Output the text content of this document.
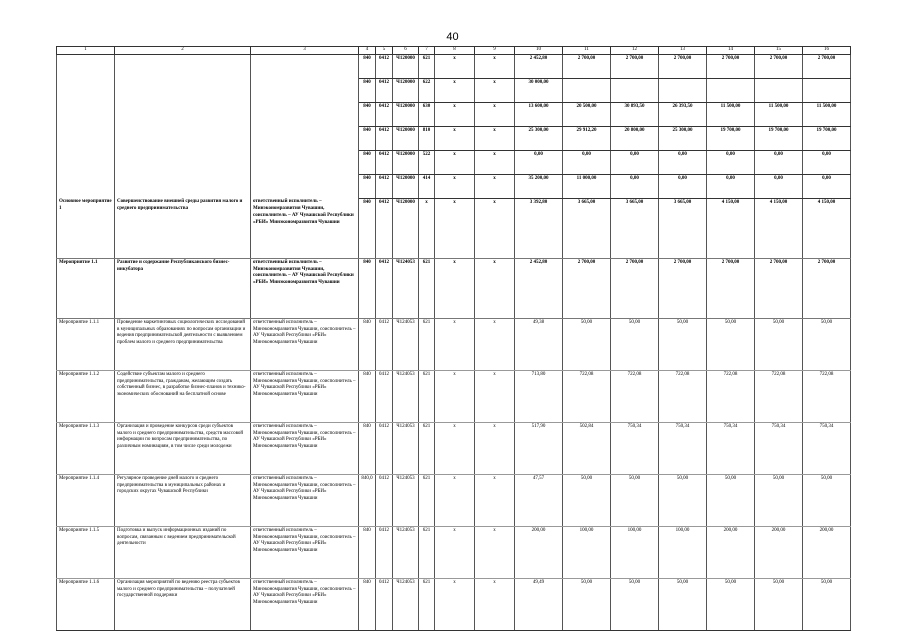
40
1	2	3	4	5	6	7	8	9	10	11	12	13	14	15	16
			840	0412	Ч120000	621	x	x	2 452,80	2 700,00	2 700,00	2 700,00	2 700,00	2 700,00	2 700,00
			840	0412	Ч120000	622	x	x	30 000,00						
			840	0412	Ч120000	630	x	x	13 600,00	20 500,00	30 893,50	26 393,50	11 500,00	11 500,00	11 500,00
			840	0412	Ч120000	810	x	x	25 300,00	29 912,20	20 800,00	25 300,00	19 700,00	19 700,00	19 700,00
			840	0412	Ч120000	522	x	x	0,00	0,00	0,00	0,00	0,00	0,00	0,00
			840	0412	Ч120000	414	x	x	35 200,00	11 000,00	0,00	0,00	0,00	0,00	0,00
Основное мероприятие 1	Совершенствование внешней среды развития малого и среднего предпринимательства	ответственный исполнитель – Минэкономразвития Чувашии, соисполнитель – АУ Чувашской Республики «РБИ» Минэкономразвития Чувашии	840	0412	Ч120000	x	x	x	3 392,80	3 665,00	3 665,00	3 665,00	4 150,00	4 150,00	4 150,00
Мероприятие 1.1	Развитие и содержание Республиканского бизнес-инкубатора	ответственный исполнитель – Минэкономразвития Чувашии, соисполнитель – АУ Чувашской Республики «РБИ» Минэкономразвития Чувашии	840	0412	Ч124053	621	x	x	2 452,80	2 700,00	2 700,00	2 700,00	2 700,00	2 700,00	2 700,00
Мероприятие 1.1.1	Проведение маркетинговых социологических исследований в муниципальных образованиях по вопросам организации и ведения предпринимательской деятельности с выявлением проблем малого и среднего предпринимательства	ответственный исполнитель – Минэкономразвития Чувашии, соисполнитель – АУ Чувашской Республики «РБИ» Минэкономразвития Чувашии	840	0412	Ч124053	621	x	x	49,38	50,00	50,00	50,00	50,00	50,00	50,00
Мероприятие 1.1.2	Содействие субъектам малого и среднего предпринимательства, гражданам, желающим создать собственный бизнес, в разработке бизнес-планов и технико-экономических обоснований на бесплатной основе	ответственный исполнитель – Минэкономразвития Чувашии, соисполнитель – АУ Чувашской Республики «РБИ» Минэкономразвития Чувашии	840	0412	Ч124053	621	x	x	713,80	722,08	722,08	722,08	722,08	722,08	722,08
Мероприятие 1.1.3	Организация и проведение конкурсов среди субъектов малого и среднего предпринимательства, средств массовой информации по вопросам предпринимательства, по различным номинациям, в том числе среди молодежи	ответственный исполнитель – Минэкономразвития Чувашии, соисполнитель – АУ Чувашской Республики «РБИ» Минэкономразвития Чувашии	840	0412	Ч124053	621	x	x	517,90	502,84	750,34	750,34	750,34	750,34	750,34
Мероприятие 1.1.4	Регулярное проведение дней малого и среднего предпринимательства в муниципальных районах и городских округах Чувашской Республики	ответственный исполнитель – Минэкономразвития Чувашии, соисполнитель – АУ Чувашской Республики «РБИ» Минэкономразвития Чувашии	840,0	0412	Ч124053	621	x	x	47,57	50,00	50,00	50,00	50,00	50,00	50,00
Мероприятие 1.1.5	Подготовка и выпуск информационных изданий по вопросам, связанным с ведением предпринимательской деятельности	ответственный исполнитель – Минэкономразвития Чувашии, соисполнитель – АУ Чувашской Республики «РБИ» Минэкономразвития Чувашии	840	0412	Ч124053	621	x	x	200,00	100,00	100,00	100,00	200,00	200,00	200,00
Мероприятие 1.1.6	Организация мероприятий по ведению реестра субъектов малого и среднего предпринимательства – получателей государственной поддержки	ответственный исполнитель – Минэкономразвития Чувашии, соисполнитель – АУ Чувашской Республики «РБИ» Минэкономразвития Чувашии	840	0412	Ч124053	621	x	x	49,49	50,00	50,00	50,00	50,00	50,00	50,00
